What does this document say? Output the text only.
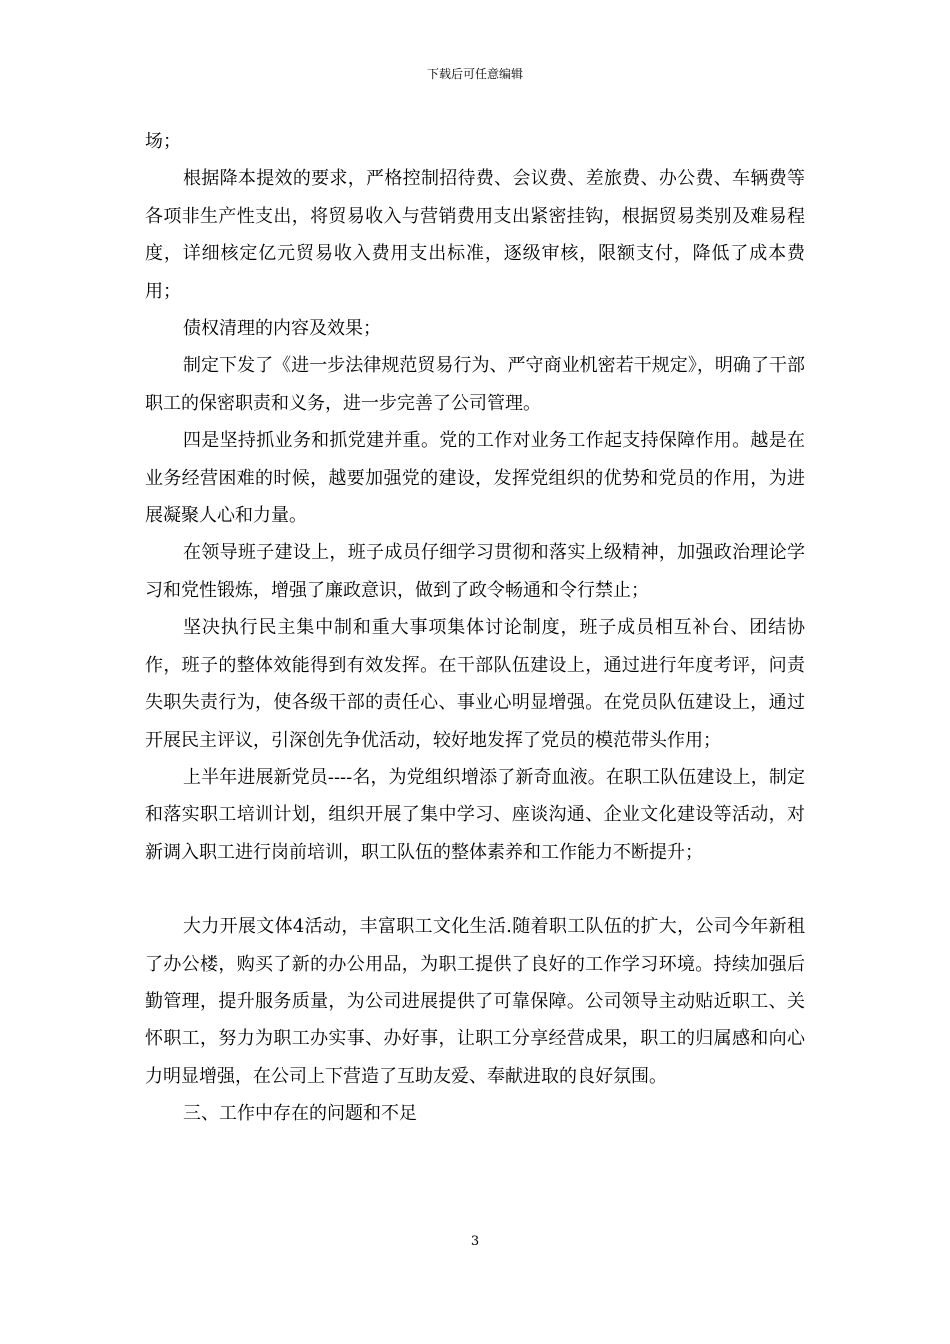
下载后可任意编辑

场；

根据降本提效的要求，严格控制招待费、会议费、差旅费、办公费、车辆费等各项非生产性支出，将贸易收入与营销费用支出紧密挂钩，根据贸易类别及难易程度，详细核定亿元贸易收入费用支出标准，逐级审核，限额支付，降低了成本费用；

债权清理的内容及效果；

制定下发了《进一步法律规范贸易行为、严守商业机密若干规定》，明确了干部职工的保密职责和义务，进一步完善了公司管理。

四是坚持抓业务和抓党建并重。党的工作对业务工作起支持保障作用。越是在业务经营困难的时候，越要加强党的建设，发挥党组织的优势和党员的作用，为进展凝聚人心和力量。

在领导班子建设上，班子成员仔细学习贯彻和落实上级精神，加强政治理论学习和党性锻炼，增强了廉政意识，做到了政令畅通和令行禁止；

坚决执行民主集中制和重大事项集体讨论制度，班子成员相互补台、团结协作，班子的整体效能得到有效发挥。在干部队伍建设上，通过进行年度考评，问责失职失责行为，使各级干部的责任心、事业心明显增强。在党员队伍建设上，通过开展民主评议，引深创先争优活动，较好地发挥了党员的模范带头作用；

上半年进展新党员----名，为党组织增添了新奇血液。在职工队伍建设上，制定和落实职工培训计划，组织开展了集中学习、座谈沟通、企业文化建设等活动，对新调入职工进行岗前培训，职工队伍的整体素养和工作能力不断提升；

大力开展文体4活动，丰富职工文化生活.随着职工队伍的扩大，公司今年新租了办公楼，购买了新的办公用品，为职工提供了良好的工作学习环境。持续加强后勤管理，提升服务质量，为公司进展提供了可靠保障。公司领导主动贴近职工、关怀职工，努力为职工办实事、办好事，让职工分享经营成果，职工的归属感和向心力明显增强，在公司上下营造了互助友爱、奉献进取的良好氛围。

三、工作中存在的问题和不足

3
